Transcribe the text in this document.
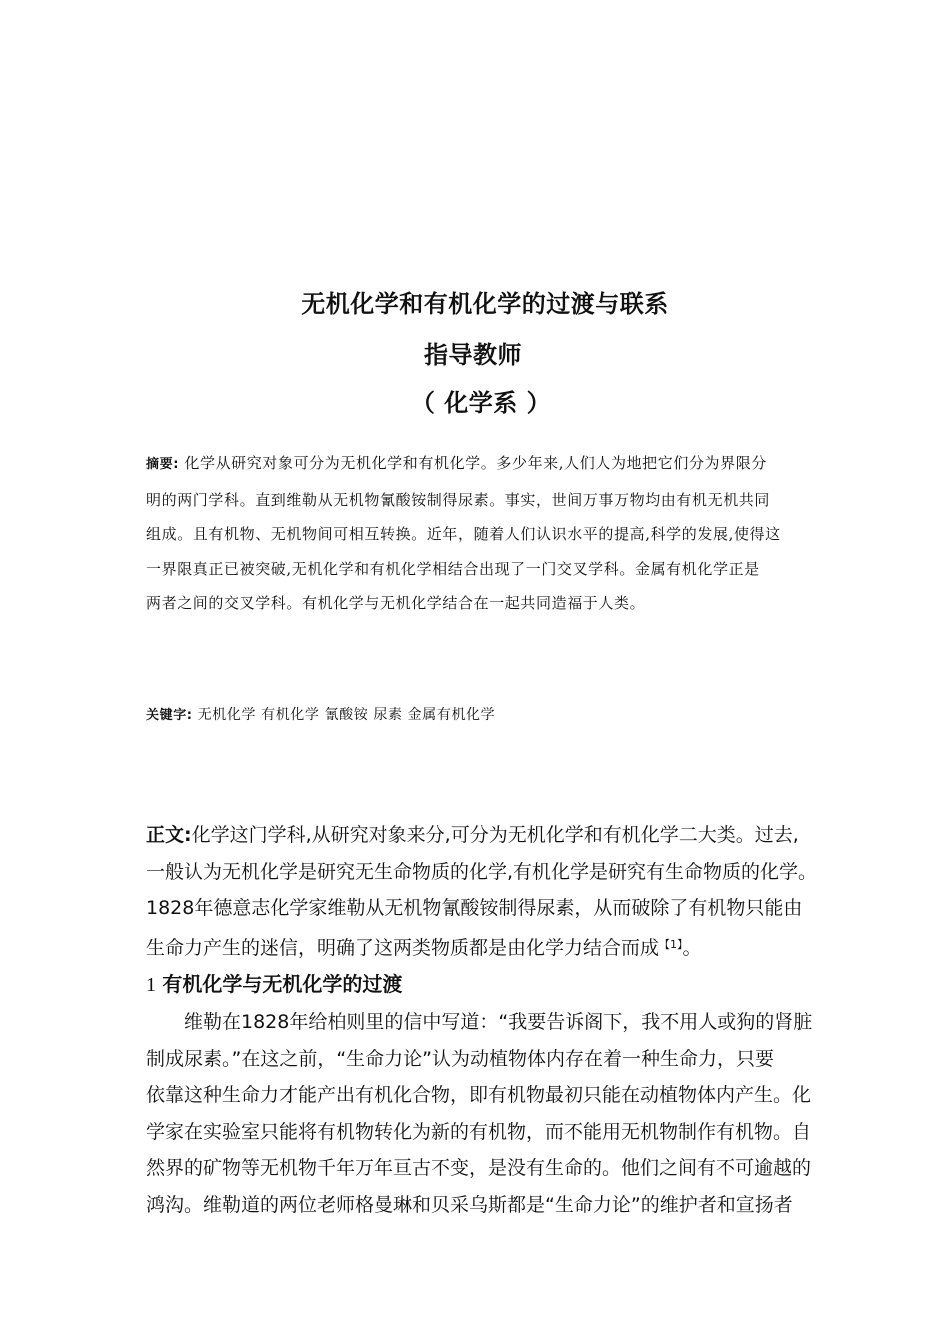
无机化学和有机化学的过渡与联系
指导教师
（ 化学系 ）
摘要: 化学从研究对象可分为无机化学和有机化学。多少年来,人们人为地把它们分为界限分
明的两门学科。直到维勒从无机物氰酸铵制得尿素。事实，世间万事万物均由有机无机共同
组成。且有机物、无机物间可相互转换。近年，随着人们认识水平的提高,科学的发展,使得这
一界限真正已被突破,无机化学和有机化学相结合出现了一门交叉学科。金属有机化学正是
两者之间的交叉学科。有机化学与无机化学结合在一起共同造福于人类。
关键字: 无机化学 有机化学 氰酸铵 尿素 金属有机化学
正文:化学这门学科,从研究对象来分,可分为无机化学和有机化学二大类。过去,
一般认为无机化学是研究无生命物质的化学,有机化学是研究有生命物质的化学。
1828年德意志化学家维勒从无机物氰酸铵制得尿素，从而破除了有机物只能由
生命力产生的迷信，明确了这两类物质都是由化学力结合而成$^{【1】}$。
1 有机化学与无机化学的过渡
维勒在1828年给柏则里的信中写道：“我要告诉阁下，我不用人或狗的肾脏
制成尿素。”在这之前，“生命力论”认为动植物体内存在着一种生命力，只要
依靠这种生命力才能产出有机化合物，即有机物最初只能在动植物体内产生。化
学家在实验室只能将有机物转化为新的有机物，而不能用无机物制作有机物。自
然界的矿物等无机物千年万年亘古不变，是没有生命的。他们之间有不可逾越的
鸿沟。维勒道的两位老师格曼琳和贝采乌斯都是“生命力论”的维护者和宣扬者
